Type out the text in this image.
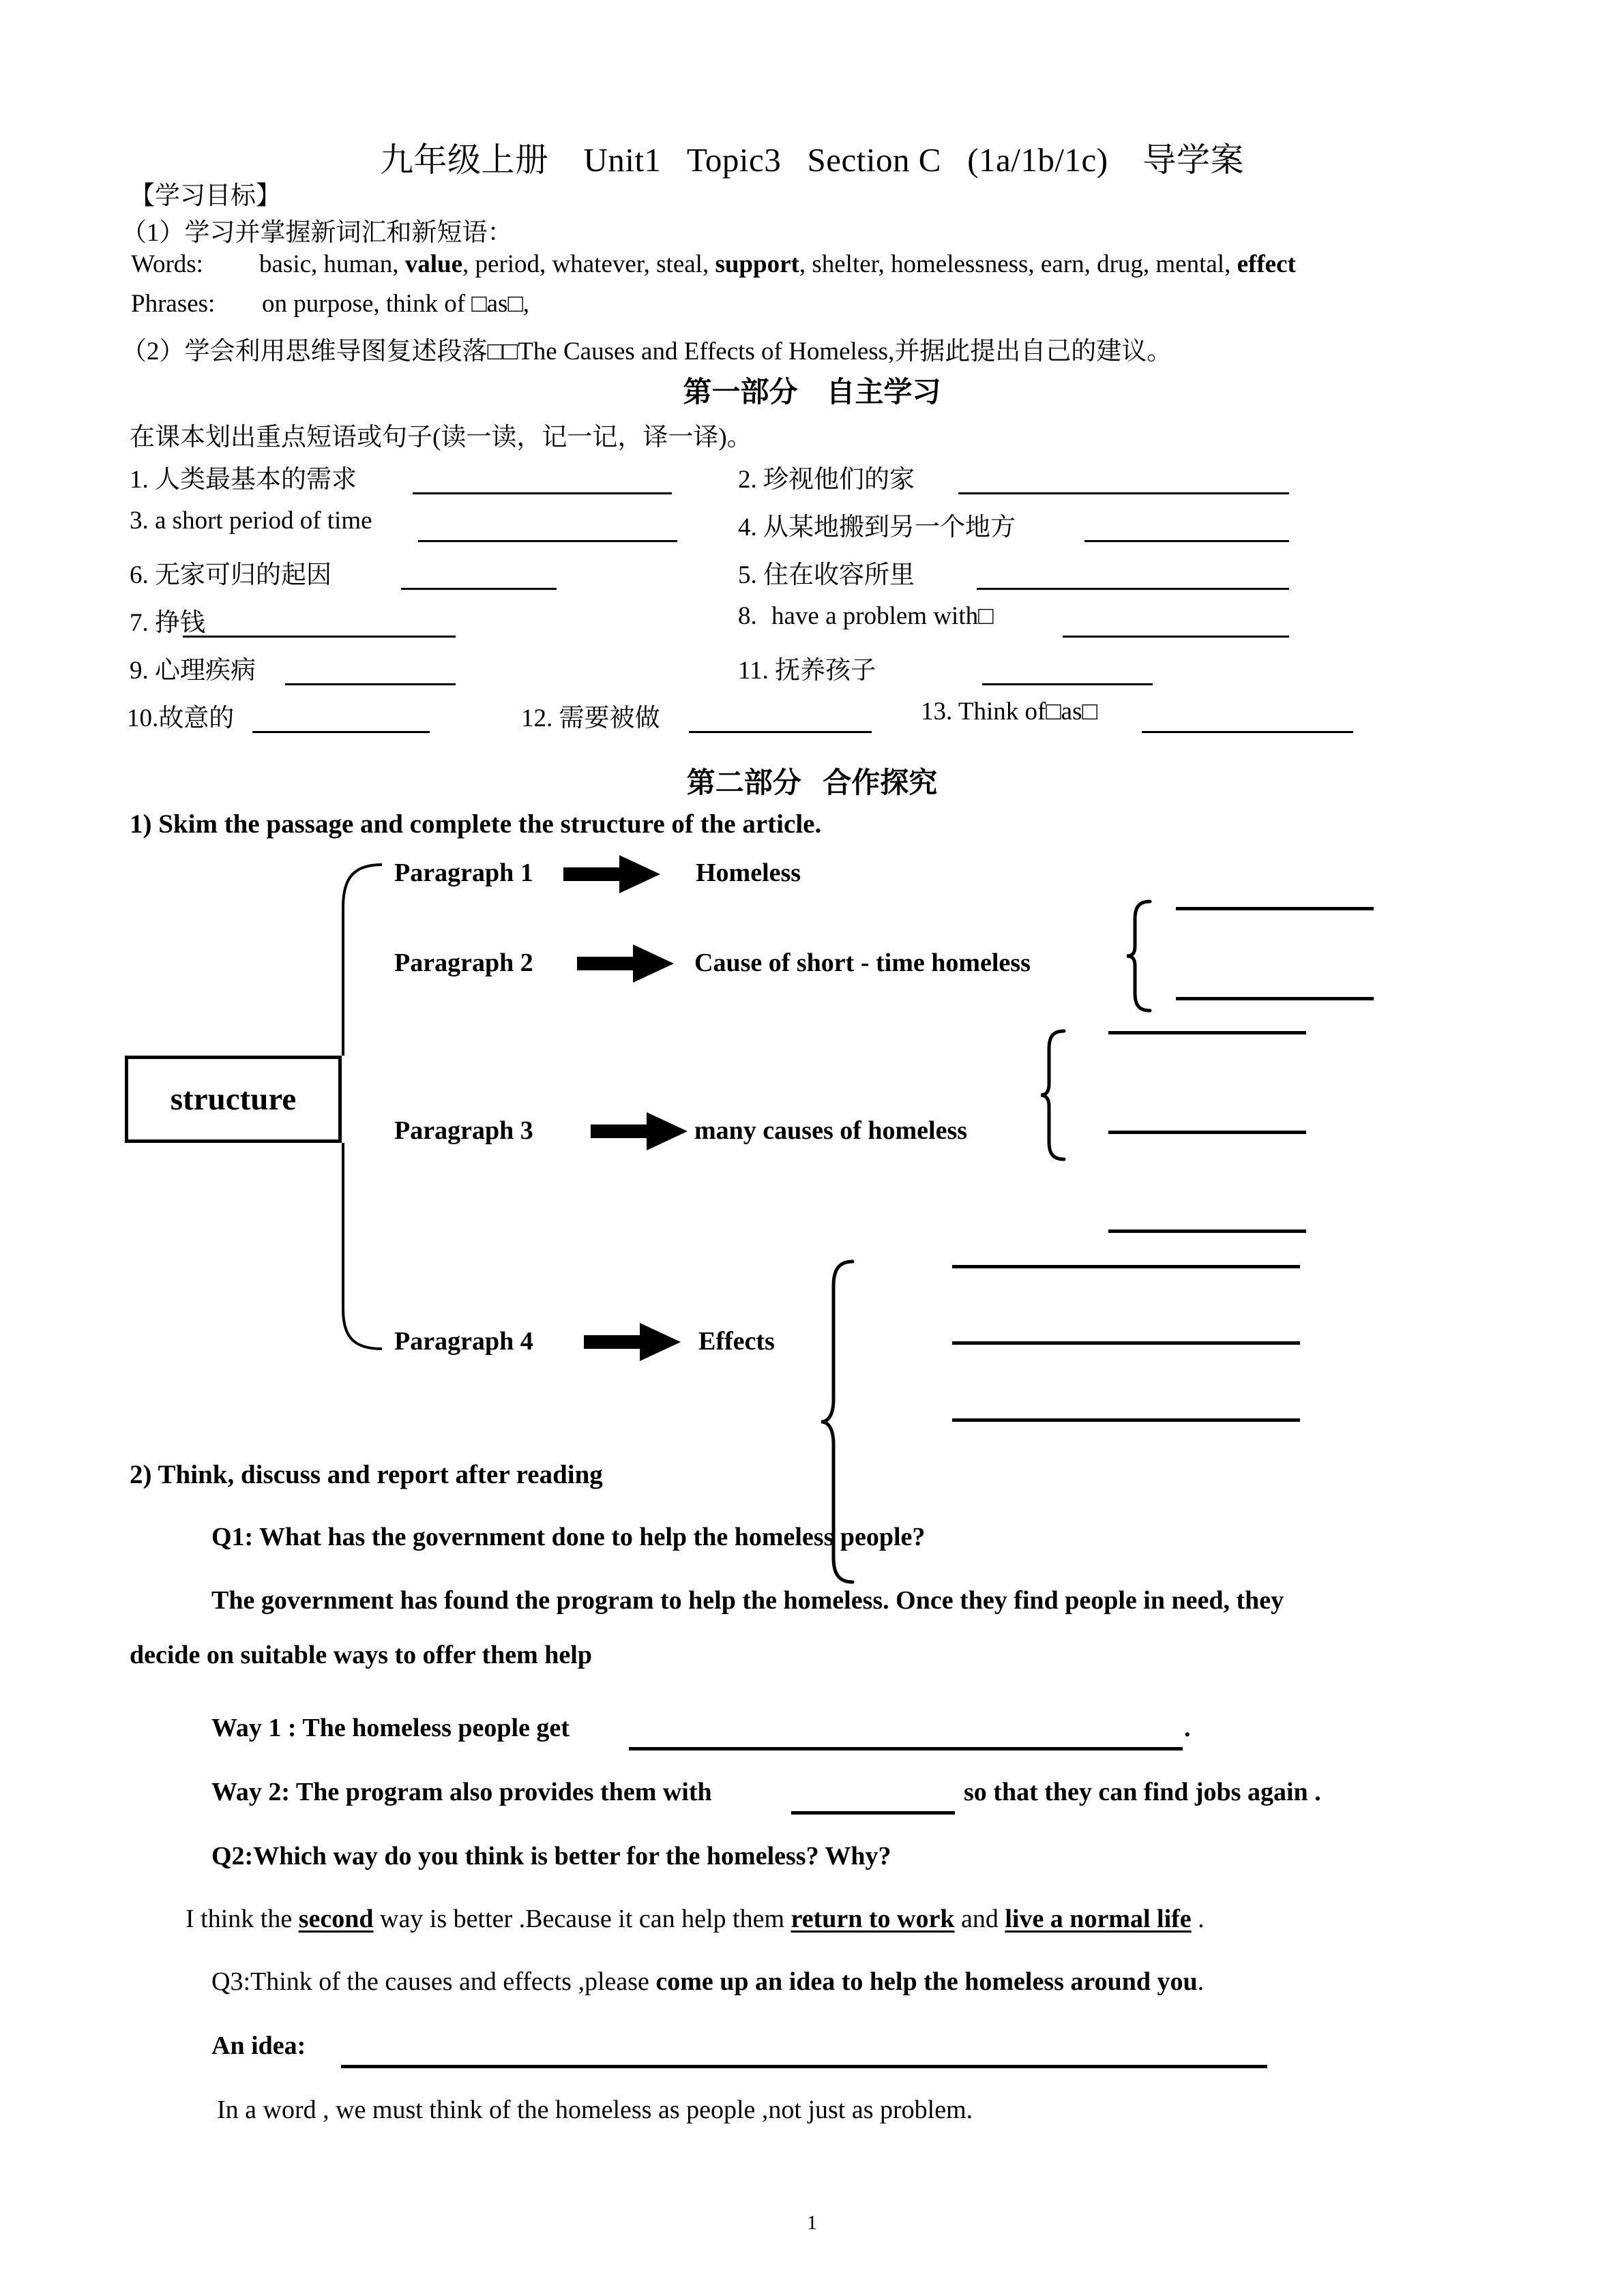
九年级上册    Unit1   Topic3   Section C   (1a/1b/1c)    导学案
【学习目标】
（1）学习并掌握新词汇和新短语：
Words: basic, human, value, period, whatever, steal, support, shelter, homelessness, earn, drug, mental, effect
Phrases: on purpose, think of □as□,
（2）学会利用思维导图复述段落□□The Causes and Effects of Homeless,并据此提出自己的建议。
第一部分    自主学习
在课本划出重点短语或句子(读一读，记一记，译一译)。
1. 人类最基本的需求	2. 珍视他们的家
3. a short period of time	4. 从某地搬到另一个地方
6. 无家可归的起因	5. 住在收容所里
7. 挣钱	8. have a problem with□
9. 心理疾病	11. 抚养孩子
10.故意的	12. 需要被做	13. Think of□as□
第二部分   合作探究
1) Skim the passage and complete the structure of the article.
structure
Paragraph 1	Homeless
Paragraph 2	Cause of short - time homeless
Paragraph 3	many causes of homeless
Paragraph 4	Effects
2) Think, discuss and report after reading
Q1: What has the government done to help the homeless people?
The government has found the program to help the homeless. Once they find people in need, they
decide on suitable ways to offer them help
Way 1 : The homeless people get	.
Way 2: The program also provides them with	so that they can find jobs again .
Q2:Which way do you think is better for the homeless? Why?
I think the second way is better .Because it can help them return to work and live a normal life .
Q3:Think of the causes and effects ,please come up an idea to help the homeless around you.
An idea:
In a word , we must think of the homeless as people ,not just as problem.
1
